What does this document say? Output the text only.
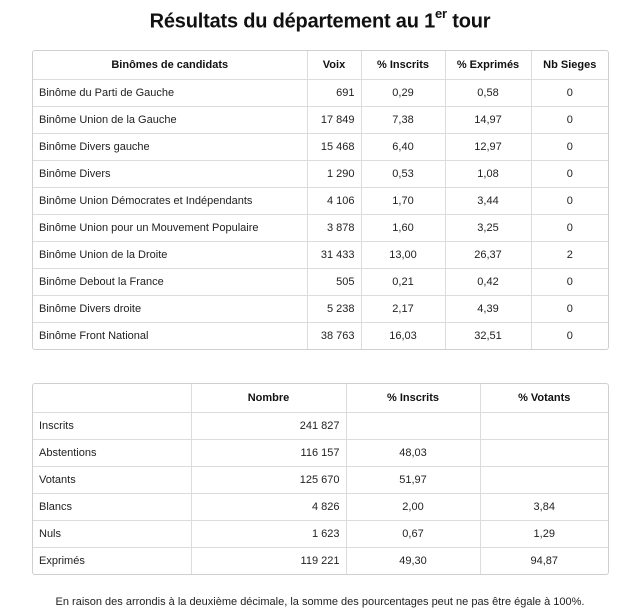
Résultats du département au 1er tour
Binômes de candidats	Voix	% Inscrits	% Exprimés	Nb Sieges
Binôme du Parti de Gauche	691	0,29	0,58	0
Binôme Union de la Gauche	17 849	7,38	14,97	0
Binôme Divers gauche	15 468	6,40	12,97	0
Binôme Divers	1 290	0,53	1,08	0
Binôme Union Démocrates et Indépendants	4 106	1,70	3,44	0
Binôme Union pour un Mouvement Populaire	3 878	1,60	3,25	0
Binôme Union de la Droite	31 433	13,00	26,37	2
Binôme Debout la France	505	0,21	0,42	0
Binôme Divers droite	5 238	2,17	4,39	0
Binôme Front National	38 763	16,03	32,51	0
	Nombre	% Inscrits	% Votants
Inscrits	241 827		
Abstentions	116 157	48,03	
Votants	125 670	51,97	
Blancs	4 826	2,00	3,84
Nuls	1 623	0,67	1,29
Exprimés	119 221	49,30	94,87
En raison des arrondis à la deuxième décimale, la somme des pourcentages peut ne pas être égale à 100%.
